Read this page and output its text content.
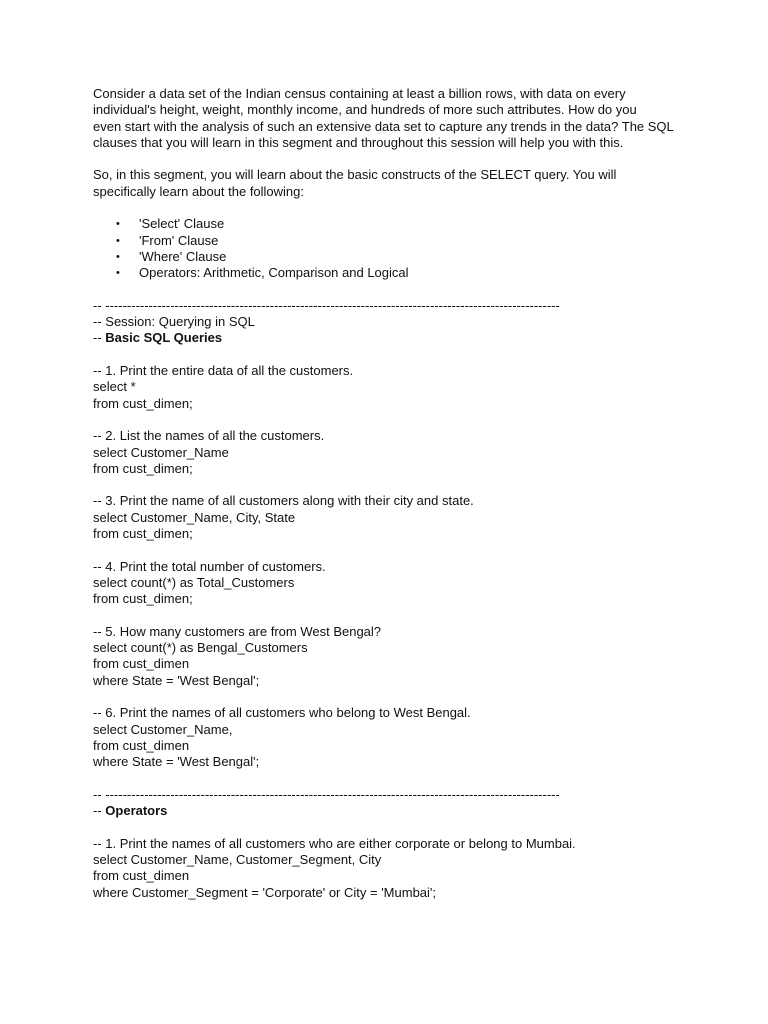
Consider a data set of the Indian census containing at least a billion rows, with data on every

individual's height, weight, monthly income, and hundreds of more such attributes. How do you

even start with the analysis of such an extensive data set to capture any trends in the data? The SQL

clauses that you will learn in this segment and throughout this session will help you with this.

So, in this segment, you will learn about the basic constructs of the SELECT query. You will

specifically learn about the following:

• 'Select' Clause
• 'From' Clause
• 'Where' Clause
• Operators: Arithmetic, Comparison and Logical

-- ---------------------------------------------------------------------------------------------------------

-- Session: Querying in SQL

-- Basic SQL Queries

-- 1. Print the entire data of all the customers.

select *

from cust_dimen;

-- 2. List the names of all the customers.

select Customer_Name

from cust_dimen;

-- 3. Print the name of all customers along with their city and state.

select Customer_Name, City, State

from cust_dimen;

-- 4. Print the total number of customers.

select count(*) as Total_Customers

from cust_dimen;

-- 5. How many customers are from West Bengal?

select count(*) as Bengal_Customers

from cust_dimen

where State = 'West Bengal';

-- 6. Print the names of all customers who belong to West Bengal.

select Customer_Name,

from cust_dimen

where State = 'West Bengal';

-- ---------------------------------------------------------------------------------------------------------

-- Operators

-- 1. Print the names of all customers who are either corporate or belong to Mumbai.

select Customer_Name, Customer_Segment, City

from cust_dimen

where Customer_Segment = 'Corporate' or City = 'Mumbai';
